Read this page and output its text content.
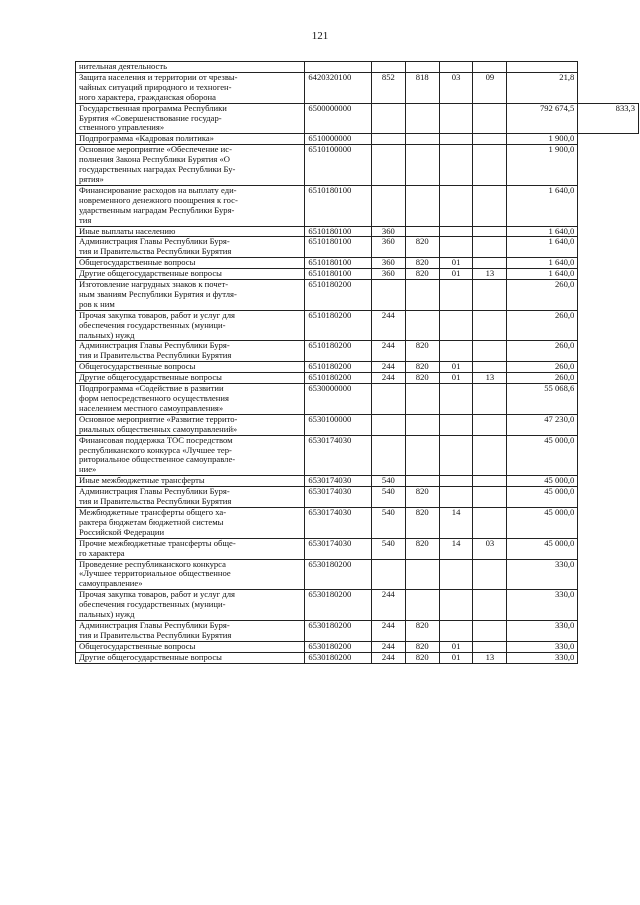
121
нительная деятельность							
Защита населения и территории от чрезвы-
чайных ситуаций природного и техноген-
ного характера, гражданская оборона	6420320100	852	818	03	09	21,8	
Государственная программа Республики
Бурятия «Совершенствование государ-
ственного управления»	6500000000					792 674,5	833,3
Подпрограмма «Кадровая политика»	6510000000					1 900,0	
Основное мероприятие «Обеспечение ис-
полнения Закона Республики Бурятия «О
государственных наградах Республики Бу-
рятия»	6510100000					1 900,0	
Финансирование расходов на выплату еди-
новременного денежного поощрения к гос-
ударственным наградам Республики Буря-
тия	6510180100					1 640,0	
Иные выплаты населению	6510180100	360				1 640,0	
Администрация Главы Республики Буря-
тия и Правительства Республики Бурятия	6510180100	360	820			1 640,0	
Общегосударственные вопросы	6510180100	360	820	01		1 640,0	
Другие общегосударственные вопросы	6510180100	360	820	01	13	1 640,0	
Изготовление нагрудных знаков к почет-
ным званиям Республики Бурятия и футля-
ров к ним	6510180200					260,0	
Прочая закупка товаров, работ и услуг для
обеспечения государственных (муници-
пальных) нужд	6510180200	244				260,0	
Администрация Главы Республики Буря-
тия и Правительства Республики Бурятия	6510180200	244	820			260,0	
Общегосударственные вопросы	6510180200	244	820	01		260,0	
Другие общегосударственные вопросы	6510180200	244	820	01	13	260,0	
Подпрограмма «Содействие в развитии
форм непосредственного осуществления
населением местного самоуправления»	6530000000					55 068,6	
Основное мероприятие «Развитие террито-
риальных общественных самоуправлений»	6530100000					47 230,0	
Финансовая поддержка ТОС посредством
республиканского конкурса «Лучшее тер-
риториальное общественное самоуправле-
ние»	6530174030					45 000,0	
Иные межбюджетные трансферты	6530174030	540				45 000,0	
Администрация Главы Республики Буря-
тия и Правительства Республики Бурятия	6530174030	540	820			45 000,0	
Межбюджетные трансферты общего ха-
рактера бюджетам бюджетной системы
Российской Федерации	6530174030	540	820	14		45 000,0	
Прочие межбюджетные трансферты обще-
го характера	6530174030	540	820	14	03	45 000,0	
Проведение республиканского конкурса
«Лучшее территориальное общественное
самоуправление»	6530180200					330,0	
Прочая закупка товаров, работ и услуг для
обеспечения государственных (муници-
пальных) нужд	6530180200	244				330,0	
Администрация Главы Республики Буря-
тия и Правительства Республики Бурятия	6530180200	244	820			330,0	
Общегосударственные вопросы	6530180200	244	820	01		330,0	
Другие общегосударственные вопросы	6530180200	244	820	01	13	330,0	
